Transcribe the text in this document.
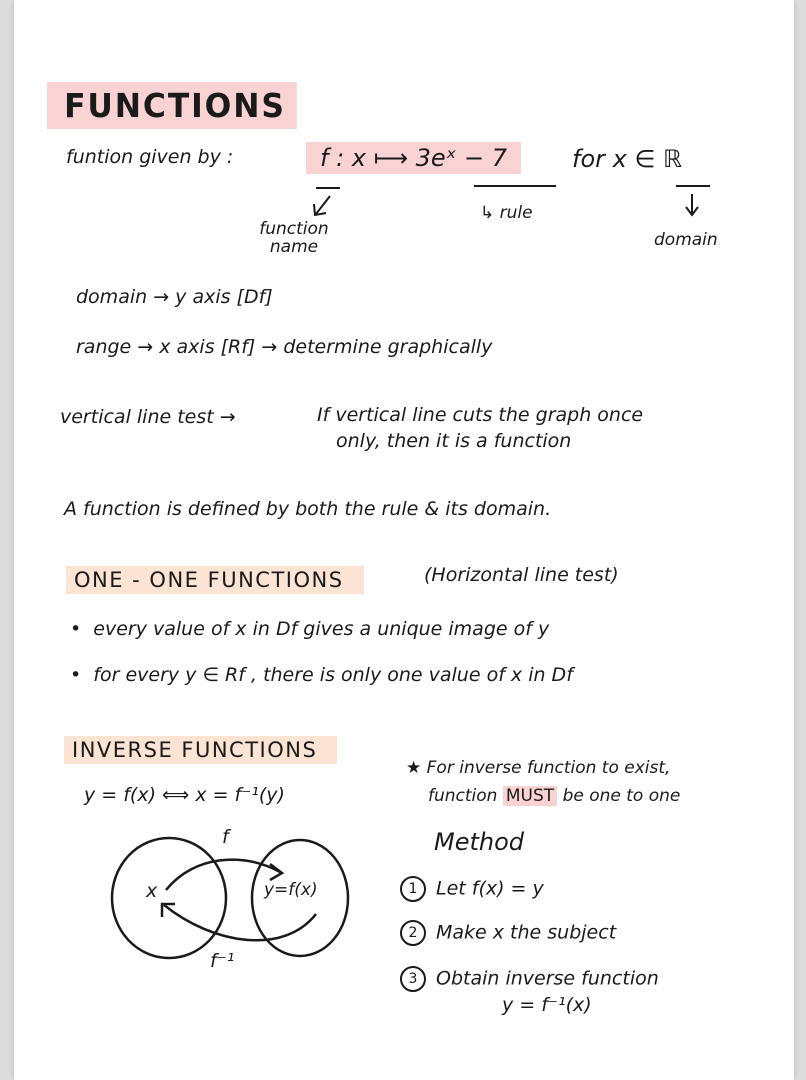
FUNCTIONS
funtion given by :	f : x ⟼ 3eˣ − 7	for x ∈ ℝ
function name
↳ rule
domain
domain → y axis [Df]
range → x axis [Rf] → determine graphically
vertical line test →	If vertical line cuts the graph once
only, then it is a function
A function is defined by both the rule & its domain.
ONE - ONE FUNCTIONS	(Horizontal line test)
•  every value of x in Df gives a unique image of y
•  for every y ∈ Rf , there is only one value of x in Df
INVERSE FUNCTIONS
y = f(x) ⟺ x = f⁻¹(y)
★ For inverse function to exist,
function MUST be one to one
x	y=f(x)
f
f⁻¹
Method
1 Let f(x) = y
2 Make x the subject
3 Obtain inverse function
y = f⁻¹(x)
